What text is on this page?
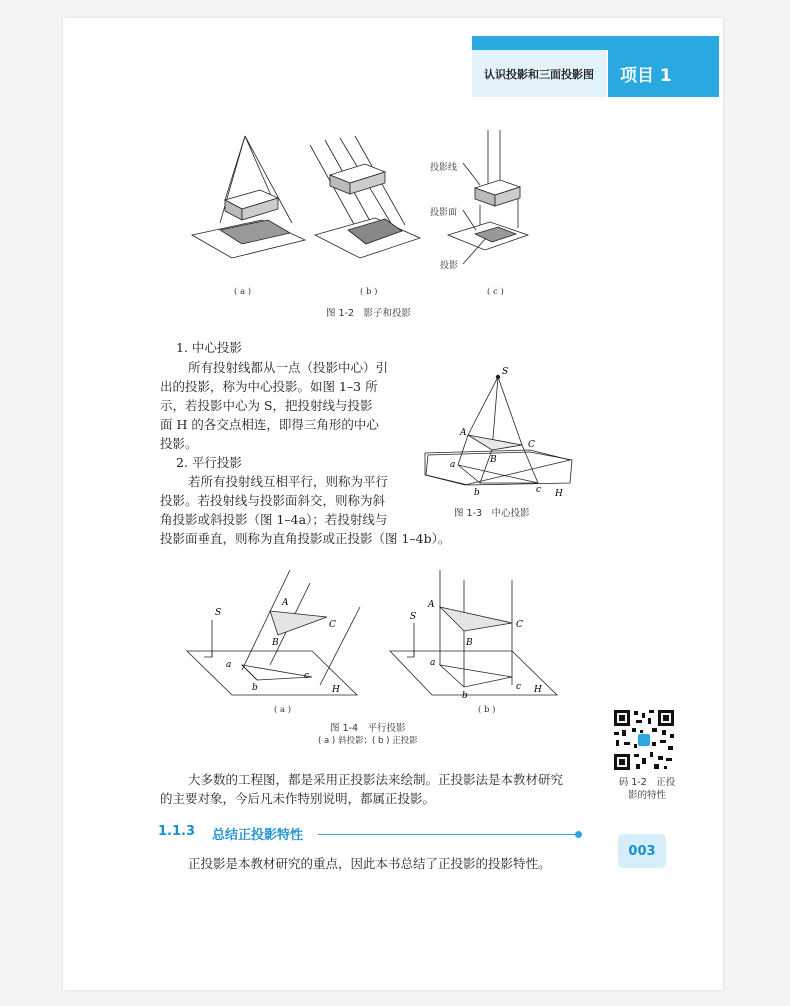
认识投影和三面投影图	项目 1
投影线
投影面
投影
( a )	( b )	( c )
图 1-2　影子和投影
1. 中心投影
所有投射线都从一点（投影中心）引
出的投影，称为中心投影。如图 1–3 所
示，若投影中心为 S，把投射线与投影
面 H 的各交点相连，即得三角形的中心
投影。
2. 平行投影
若所有投射线互相平行，则称为平行
投影。若投射线与投影面斜交，则称为斜
角投影或斜投影（图 1–4a）；若投射线与
投影面垂直，则称为直角投影或正投影（图 1–4b）。
S
A
B
C
a
b	c H
图 1-3　中心投影
A
B
C
S
a
b
c
H
A
B
C
S
a
b
c H
( a )	( b )
图 1-4　平行投影
( a ) 斜投影；( b ) 正投影
码 1-2　正投
影的特性
大多数的工程图，都是采用正投影法来绘制。正投影法是本教材研究
的主要对象，今后凡未作特别说明，都属正投影。
1.1.3 总结正投影特性
003
正投影是本教材研究的重点，因此本书总结了正投影的投影特性。
